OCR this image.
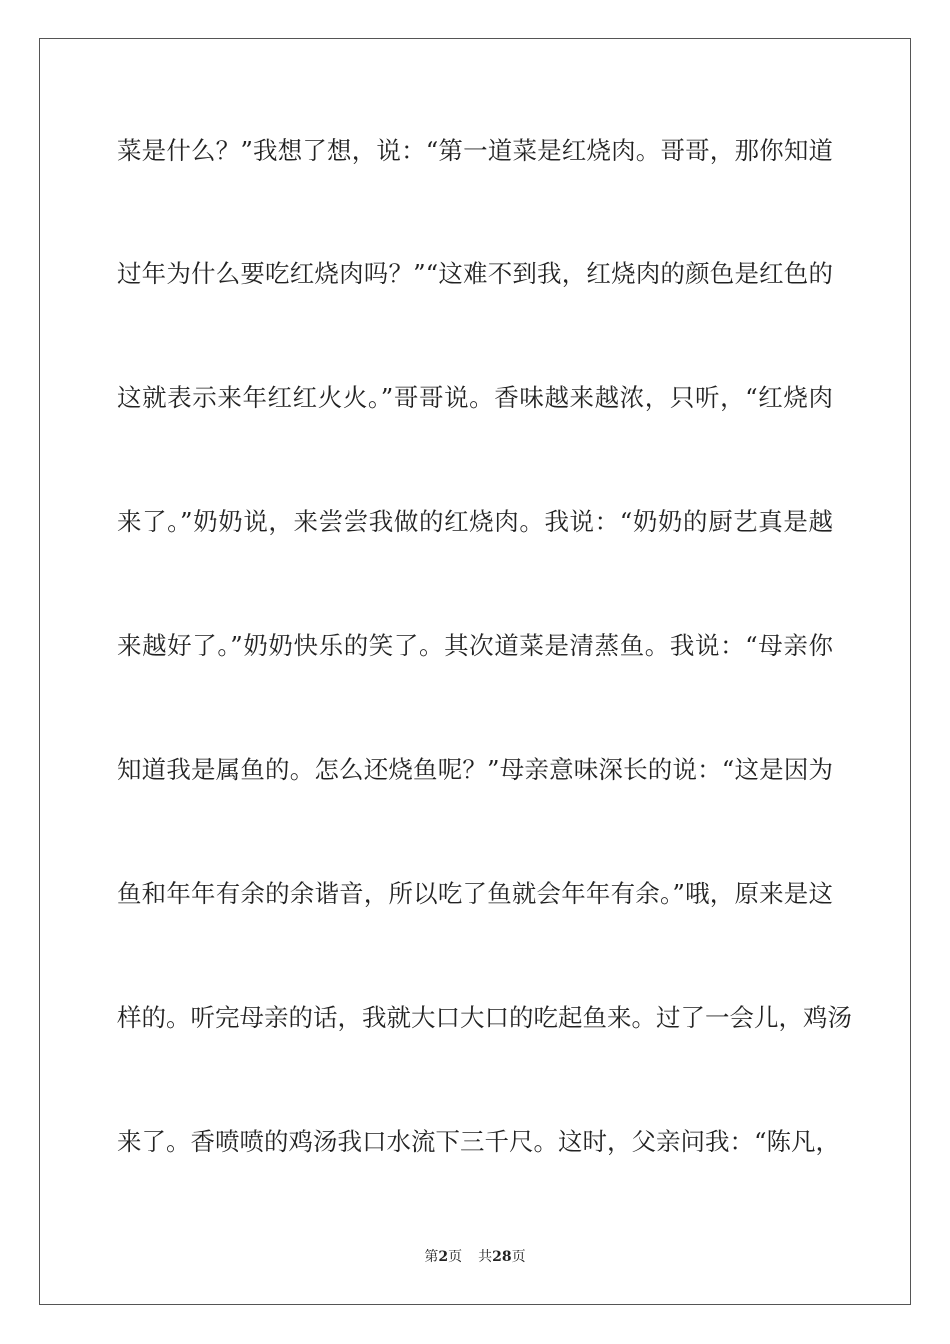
菜是什么？”我想了想，说：“第一道菜是红烧肉。哥哥，那你知道
过年为什么要吃红烧肉吗？”“这难不到我，红烧肉的颜色是红色的
这就表示来年红红火火。”哥哥说。香味越来越浓，只听，“红烧肉
来了。”奶奶说，来尝尝我做的红烧肉。我说：“奶奶的厨艺真是越
来越好了。”奶奶快乐的笑了。其次道菜是清蒸鱼。我说：“母亲你
知道我是属鱼的。怎么还烧鱼呢？”母亲意味深长的说：“这是因为
鱼和年年有余的余谐音，所以吃了鱼就会年年有余。”哦，原来是这
样的。听完母亲的话，我就大口大口的吃起鱼来。过了一会儿，鸡汤
来了。香喷喷的鸡汤我口水流下三千尺。这时，父亲问我：“陈凡，
第2页 共28页
